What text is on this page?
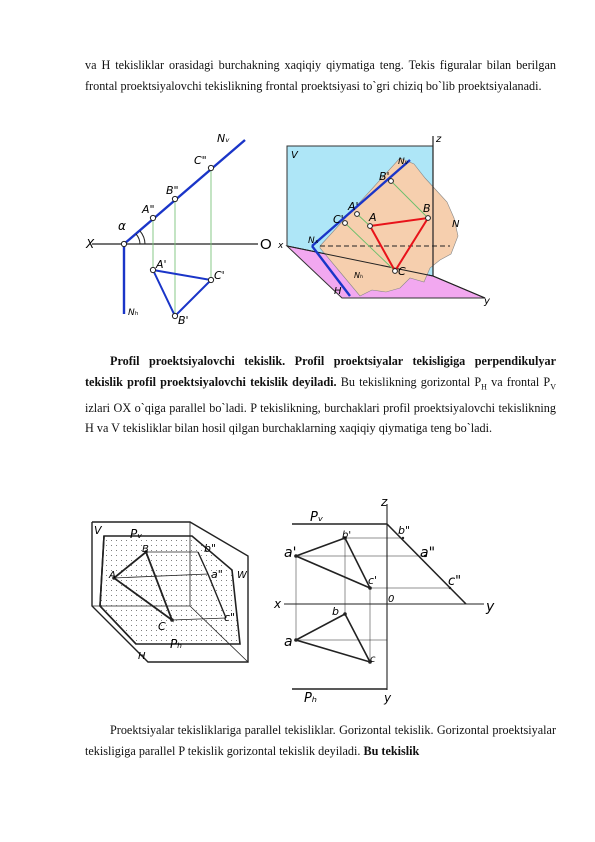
va H tekisliklar orasidagi burchakning xaqiqiy qiymatiga teng. Tekis figuralar bilan berilgan frontal proektsiyalovchi tekislikning frontal proektsiyasi to`gri chiziq bo`lib proektsiyalanadi.

Nᵥ
C"
B"
A"
α
X	O
A'
C'
B'
Nₕ
z
V
Nᵥ
B'
A'	B
C' A
N
x	Nₓ
Nₕ	C
H
y

Profil proektsiyalovchi tekislik. Profil proektsiyalar tekisligiga perpendikulyar tekislik profil proektsiyalovchi tekislik deyiladi. Bu tekislikning gorizontal $P_H$ va frontal $P_V$ izlari OX o`qiga parallel bo`ladi. P tekislikning, burchaklari profil proektsiyalovchi tekislikning H va V tekisliklar bilan hosil qilgan burchaklarning xaqiqiy qiymatiga teng bo`ladi.

V Pᵥ
B	b"
A	a" W
c"
C
Pₕ
H
z
Pᵥ
b'	b"
a'	a"
c'	c"
x	0	y
b
a
c
Pₕ	y

Proektsiyalar tekisliklariga parallel tekisliklar. Gorizontal tekislik. Gorizontal proektsiyalar tekisligiga parallel P tekislik gorizontal tekislik deyiladi. Bu tekislik
